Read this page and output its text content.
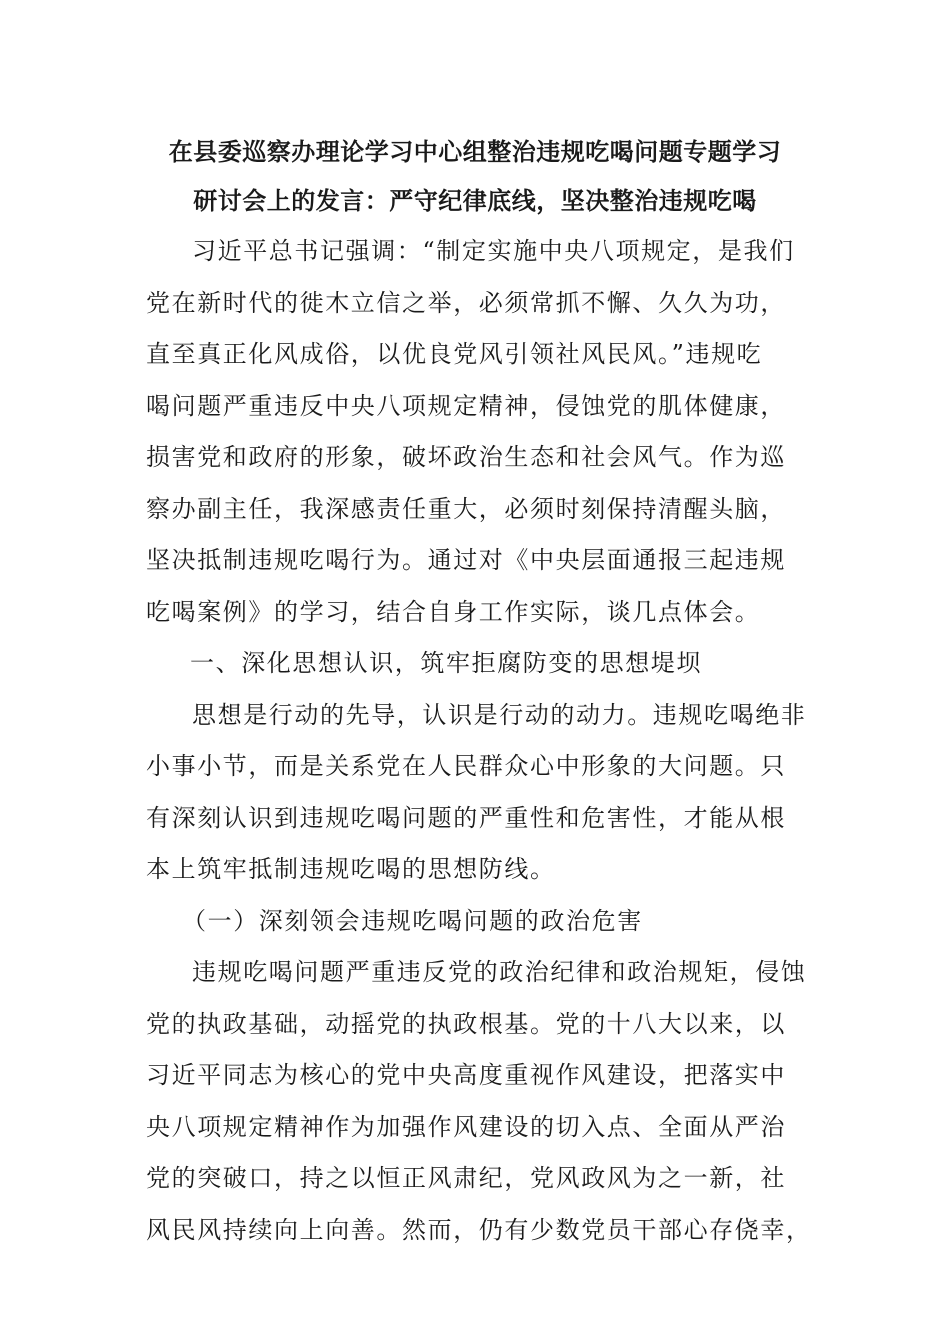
在县委巡察办理论学习中心组整治违规吃喝问题专题学习
研讨会上的发言：严守纪律底线，坚决整治违规吃喝
习近平总书记强调：“制定实施中央八项规定，是我们
党在新时代的徙木立信之举，必须常抓不懈、久久为功，
直至真正化风成俗，以优良党风引领社风民风。”违规吃
喝问题严重违反中央八项规定精神，侵蚀党的肌体健康，
损害党和政府的形象，破坏政治生态和社会风气。作为巡
察办副主任，我深感责任重大，必须时刻保持清醒头脑，
坚决抵制违规吃喝行为。通过对《中央层面通报三起违规
吃喝案例》的学习，结合自身工作实际，谈几点体会。
一、深化思想认识，筑牢拒腐防变的思想堤坝
思想是行动的先导，认识是行动的动力。违规吃喝绝非
小事小节，而是关系党在人民群众心中形象的大问题。只
有深刻认识到违规吃喝问题的严重性和危害性，才能从根
本上筑牢抵制违规吃喝的思想防线。
（一）深刻领会违规吃喝问题的政治危害
违规吃喝问题严重违反党的政治纪律和政治规矩，侵蚀
党的执政基础，动摇党的执政根基。党的十八大以来，以
习近平同志为核心的党中央高度重视作风建设，把落实中
央八项规定精神作为加强作风建设的切入点、全面从严治
党的突破口，持之以恒正风肃纪，党风政风为之一新，社
风民风持续向上向善。然而，仍有少数党员干部心存侥幸，
